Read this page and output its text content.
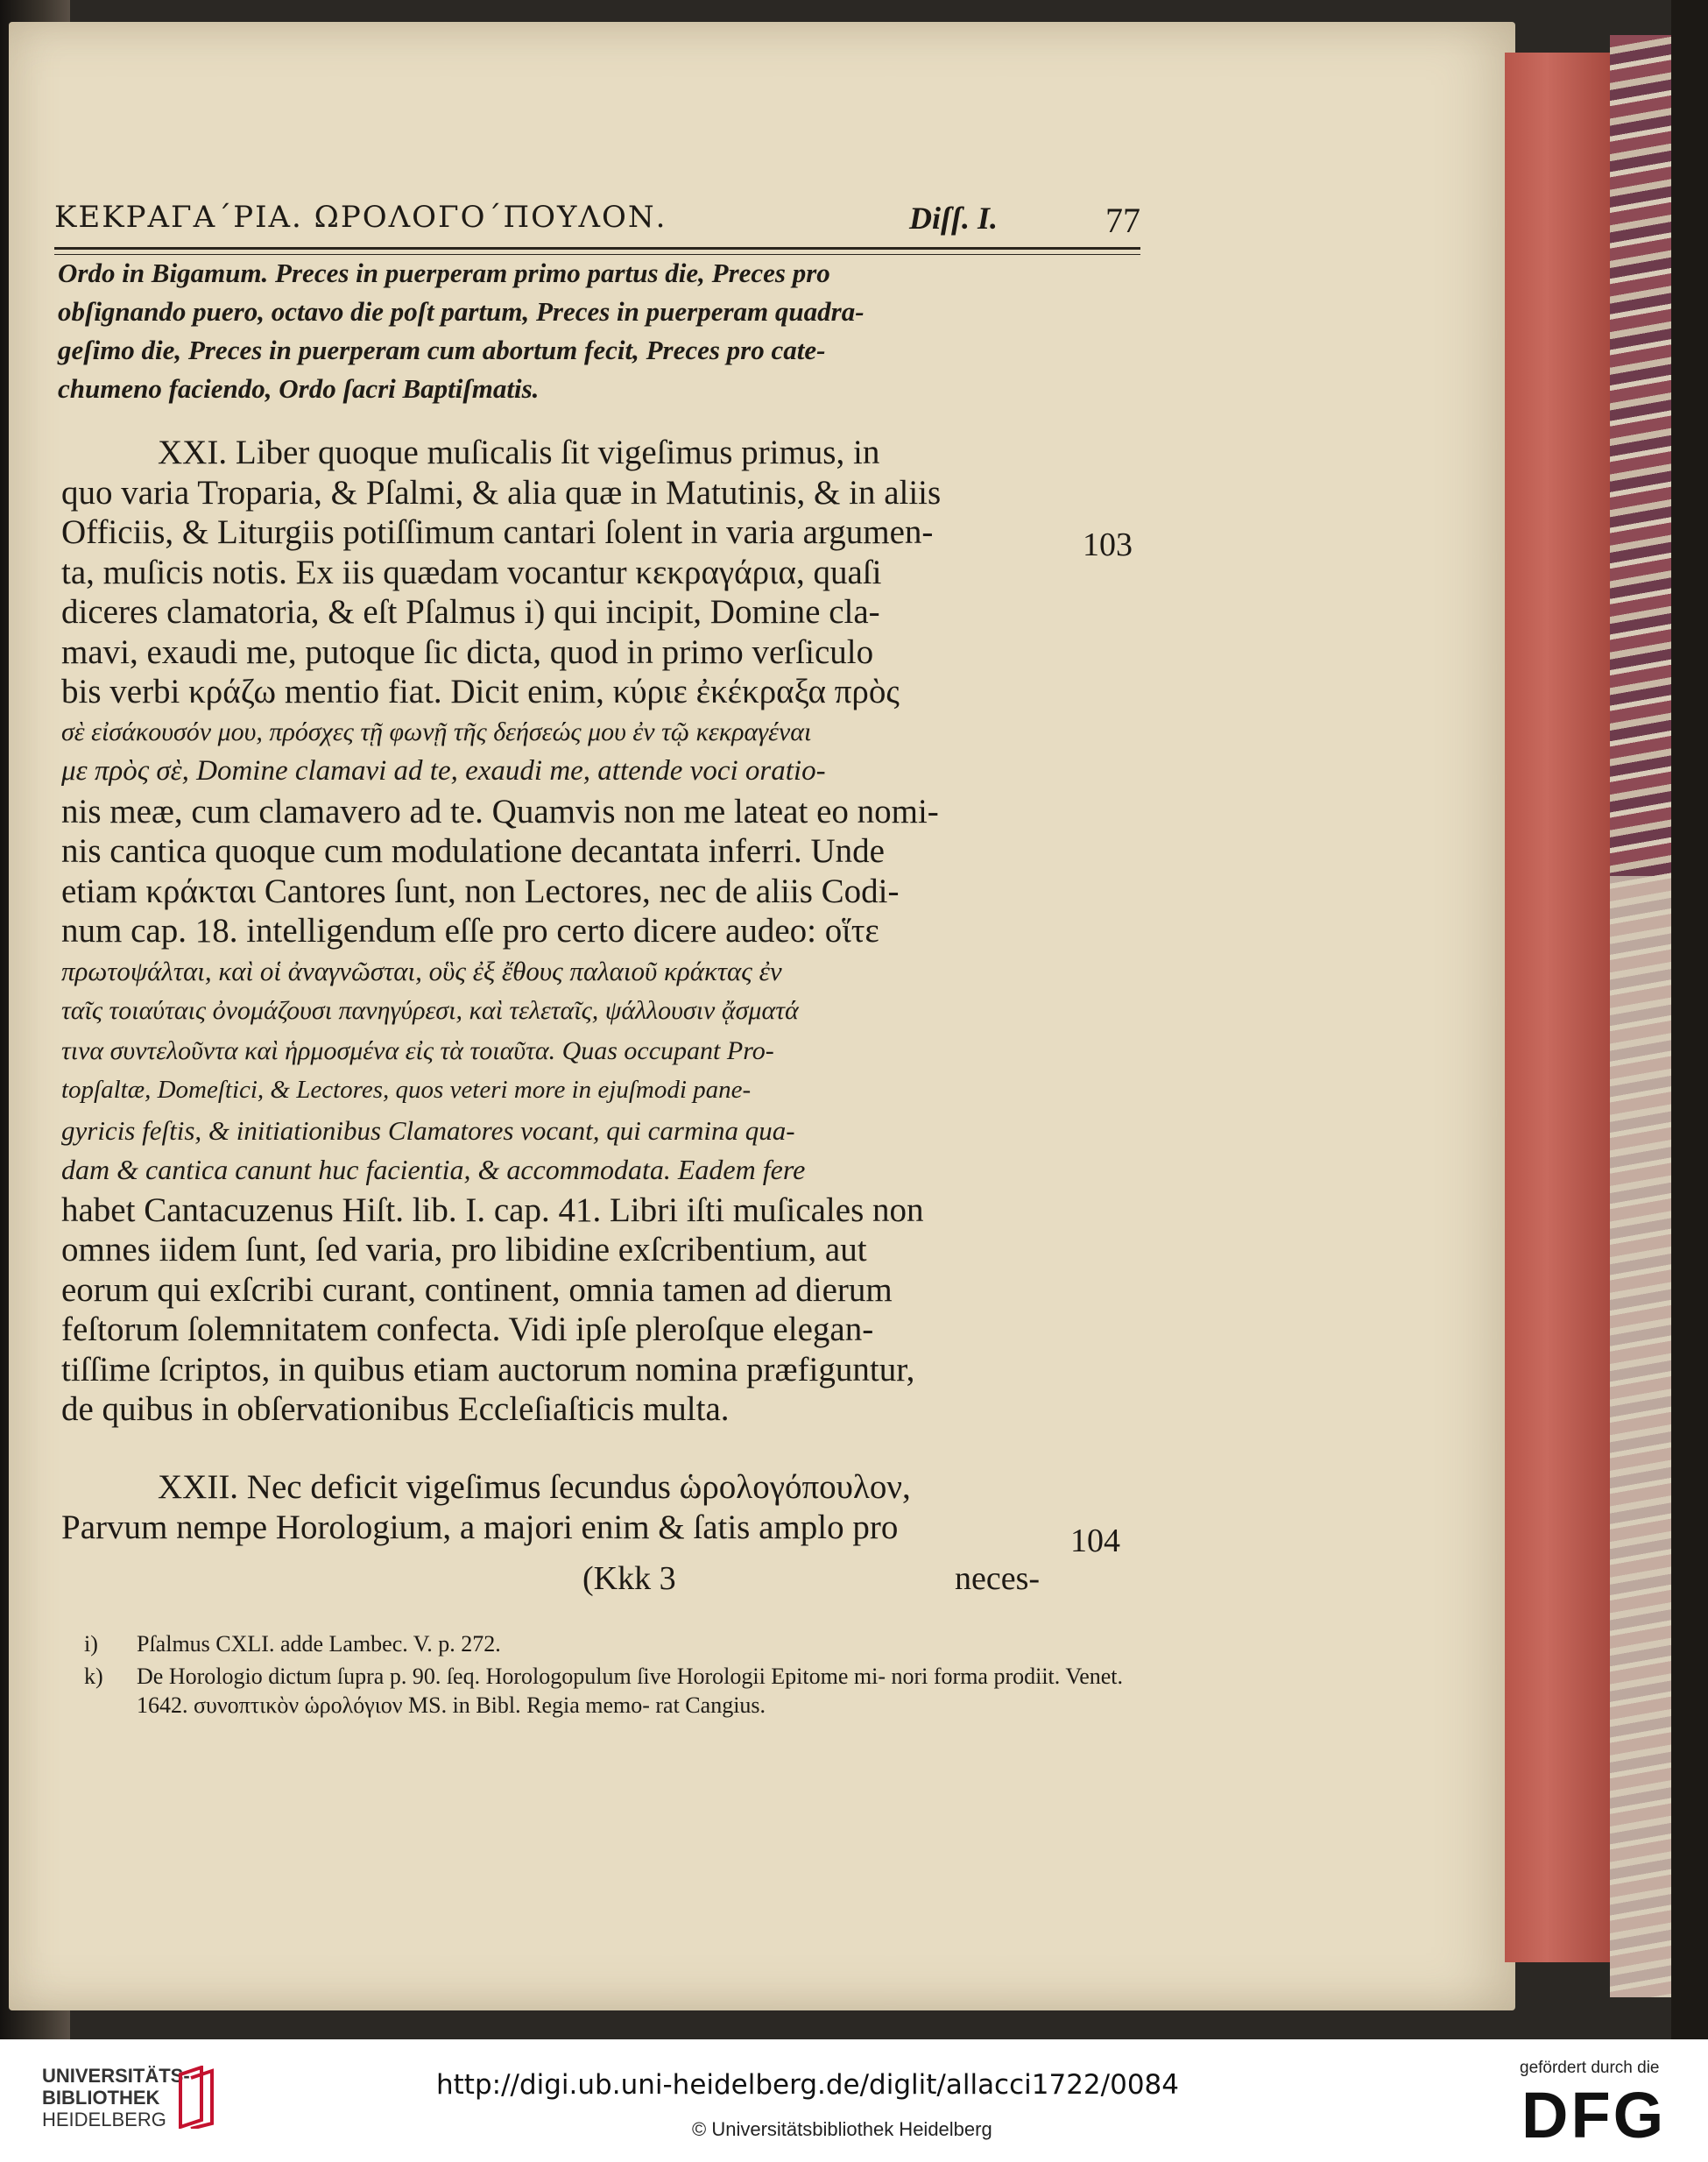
ΚΕΚΡΑΓΑ΄ΡΙΑ. ΩΡΟΛΟΓΟ΄ΠΟΥΛΟΝ.	Diſſ. I.	77
Ordo in Bigamum. Preces in puerperam primo partus die, Preces pro
obſignando puero, octavo die poſt partum, Preces in puerperam quadra-
geſimo die, Preces in puerperam cum abortum fecit, Preces pro cate-
chumeno faciendo, Ordo ſacri Baptiſmatis.
XXI. Liber quoque muſicalis ſit vigeſimus primus, in
quo varia Troparia, & Pſalmi, & alia quæ in Matutinis, & in aliis
Officiis, & Liturgiis potiſſimum cantari ſolent in varia argumen-
ta, muſicis notis. Ex iis quædam vocantur κεκραγάρια, quaſi
diceres clamatoria, & eſt Pſalmus i) qui incipit, Domine cla-
mavi, exaudi me, putoque ſic dicta, quod in primo verſiculo
bis verbi κράζω mentio fiat. Dicit enim, κύριε ἐκέκραξα πρὸς
σὲ εἰσάκουσόν μου, πρόσχες τῇ φωνῇ τῆς δεήσεώς μου ἐν τῷ κεκραγέναι
με πρὸς σὲ, Domine clamavi ad te, exaudi me, attende voci oratio-
nis meæ, cum clamavero ad te. Quamvis non me lateat eo nomi-
nis cantica quoque cum modulatione decantata inferri. Unde
etiam κράκται Cantores ſunt, non Lectores, nec de aliis Codi-
num cap. 18. intelligendum eſſe pro certo dicere audeo: οἵτε
πρωτοψάλται, καὶ οἱ ἀναγνῶσται, οὓς ἐξ ἔθους παλαιοῦ κράκτας ἐν
ταῖς τοιαύταις ὀνομάζουσι πανηγύρεσι, καὶ τελεταῖς, ψάλλουσιν ᾄσματά
τινα συντελοῦντα καὶ ἡρμοσμένα εἰς τὰ τοιαῦτα. Quas occupant Pro-
topſaltæ, Domeſtici, & Lectores, quos veteri more in ejuſmodi pane-
gyricis feſtis, & initiationibus Clamatores vocant, qui carmina qua-
dam & cantica canunt huc facientia, & accommodata. Eadem fere
habet Cantacuzenus Hiſt. lib. I. cap. 41. Libri iſti muſicales non
omnes iidem ſunt, ſed varia, pro libidine exſcribentium, aut
eorum qui exſcribi curant, continent, omnia tamen ad dierum
feſtorum ſolemnitatem confecta. Vidi ipſe pleroſque elegan-
tiſſime ſcriptos, in quibus etiam auctorum nomina præfiguntur,
de quibus in obſervationibus Eccleſiaſticis multa.
XXII. Nec deficit vigeſimus ſecundus ὡρολογόπουλον,
Parvum nempe Horologium, a majori enim & ſatis amplo pro
103
104
(Kkk 3	neces-
i) Pſalmus CXLI. adde Lambec. V. p. 272.
k) De Horologio dictum ſupra p. 90. ſeq. Horologopulum ſive Horologii Epitome mi- nori forma prodiit. Venet. 1642. συνοπτικὸν ὡρολόγιον MS. in Bibl. Regia memo- rat Cangius.
UNIVERSITÄTS-
BIBLIOTHEK
HEIDELBERG
http://digi.ub.uni-heidelberg.de/diglit/allacci1722/0084
© Universitätsbibliothek Heidelberg
gefördert durch die
DFG
